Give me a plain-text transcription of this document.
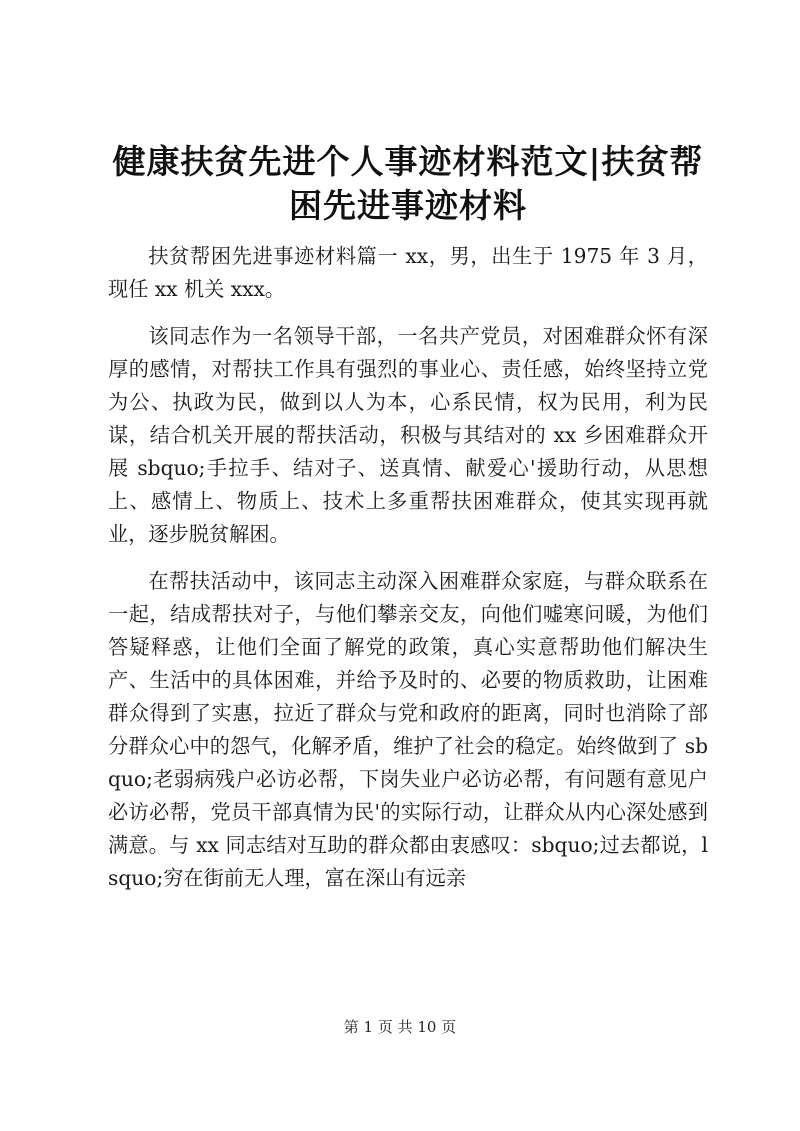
健康扶贫先进个人事迹材料范文|扶贫帮困先进事迹材料

扶贫帮困先进事迹材料篇一 xx，男，出生于 1975 年 3 月，现任 xx 机关 xxx。

该同志作为一名领导干部，一名共产党员，对困难群众怀有深厚的感情，对帮扶工作具有强烈的事业心、责任感，始终坚持立党为公、执政为民，做到以人为本，心系民情，权为民用，利为民谋，结合机关开展的帮扶活动，积极与其结对的 xx 乡困难群众开展 sbquo;手拉手、结对子、送真情、献爱心'援助行动，从思想上、感情上、物质上、技术上多重帮扶困难群众，使其实现再就业，逐步脱贫解困。

在帮扶活动中，该同志主动深入困难群众家庭，与群众联系在一起，结成帮扶对子，与他们攀亲交友，向他们嘘寒问暖，为他们答疑释惑，让他们全面了解党的政策，真心实意帮助他们解决生产、生活中的具体困难，并给予及时的、必要的物质救助，让困难群众得到了实惠，拉近了群众与党和政府的距离，同时也消除了部分群众心中的怨气，化解矛盾，维护了社会的稳定。始终做到了 sbquo;老弱病残户必访必帮，下岗失业户必访必帮，有问题有意见户必访必帮，党员干部真情为民'的实际行动，让群众从内心深处感到满意。与 xx 同志结对互助的群众都由衷感叹：sbquo;过去都说，lsquo;穷在街前无人理，富在深山有远亲

第 1 页 共 10 页
